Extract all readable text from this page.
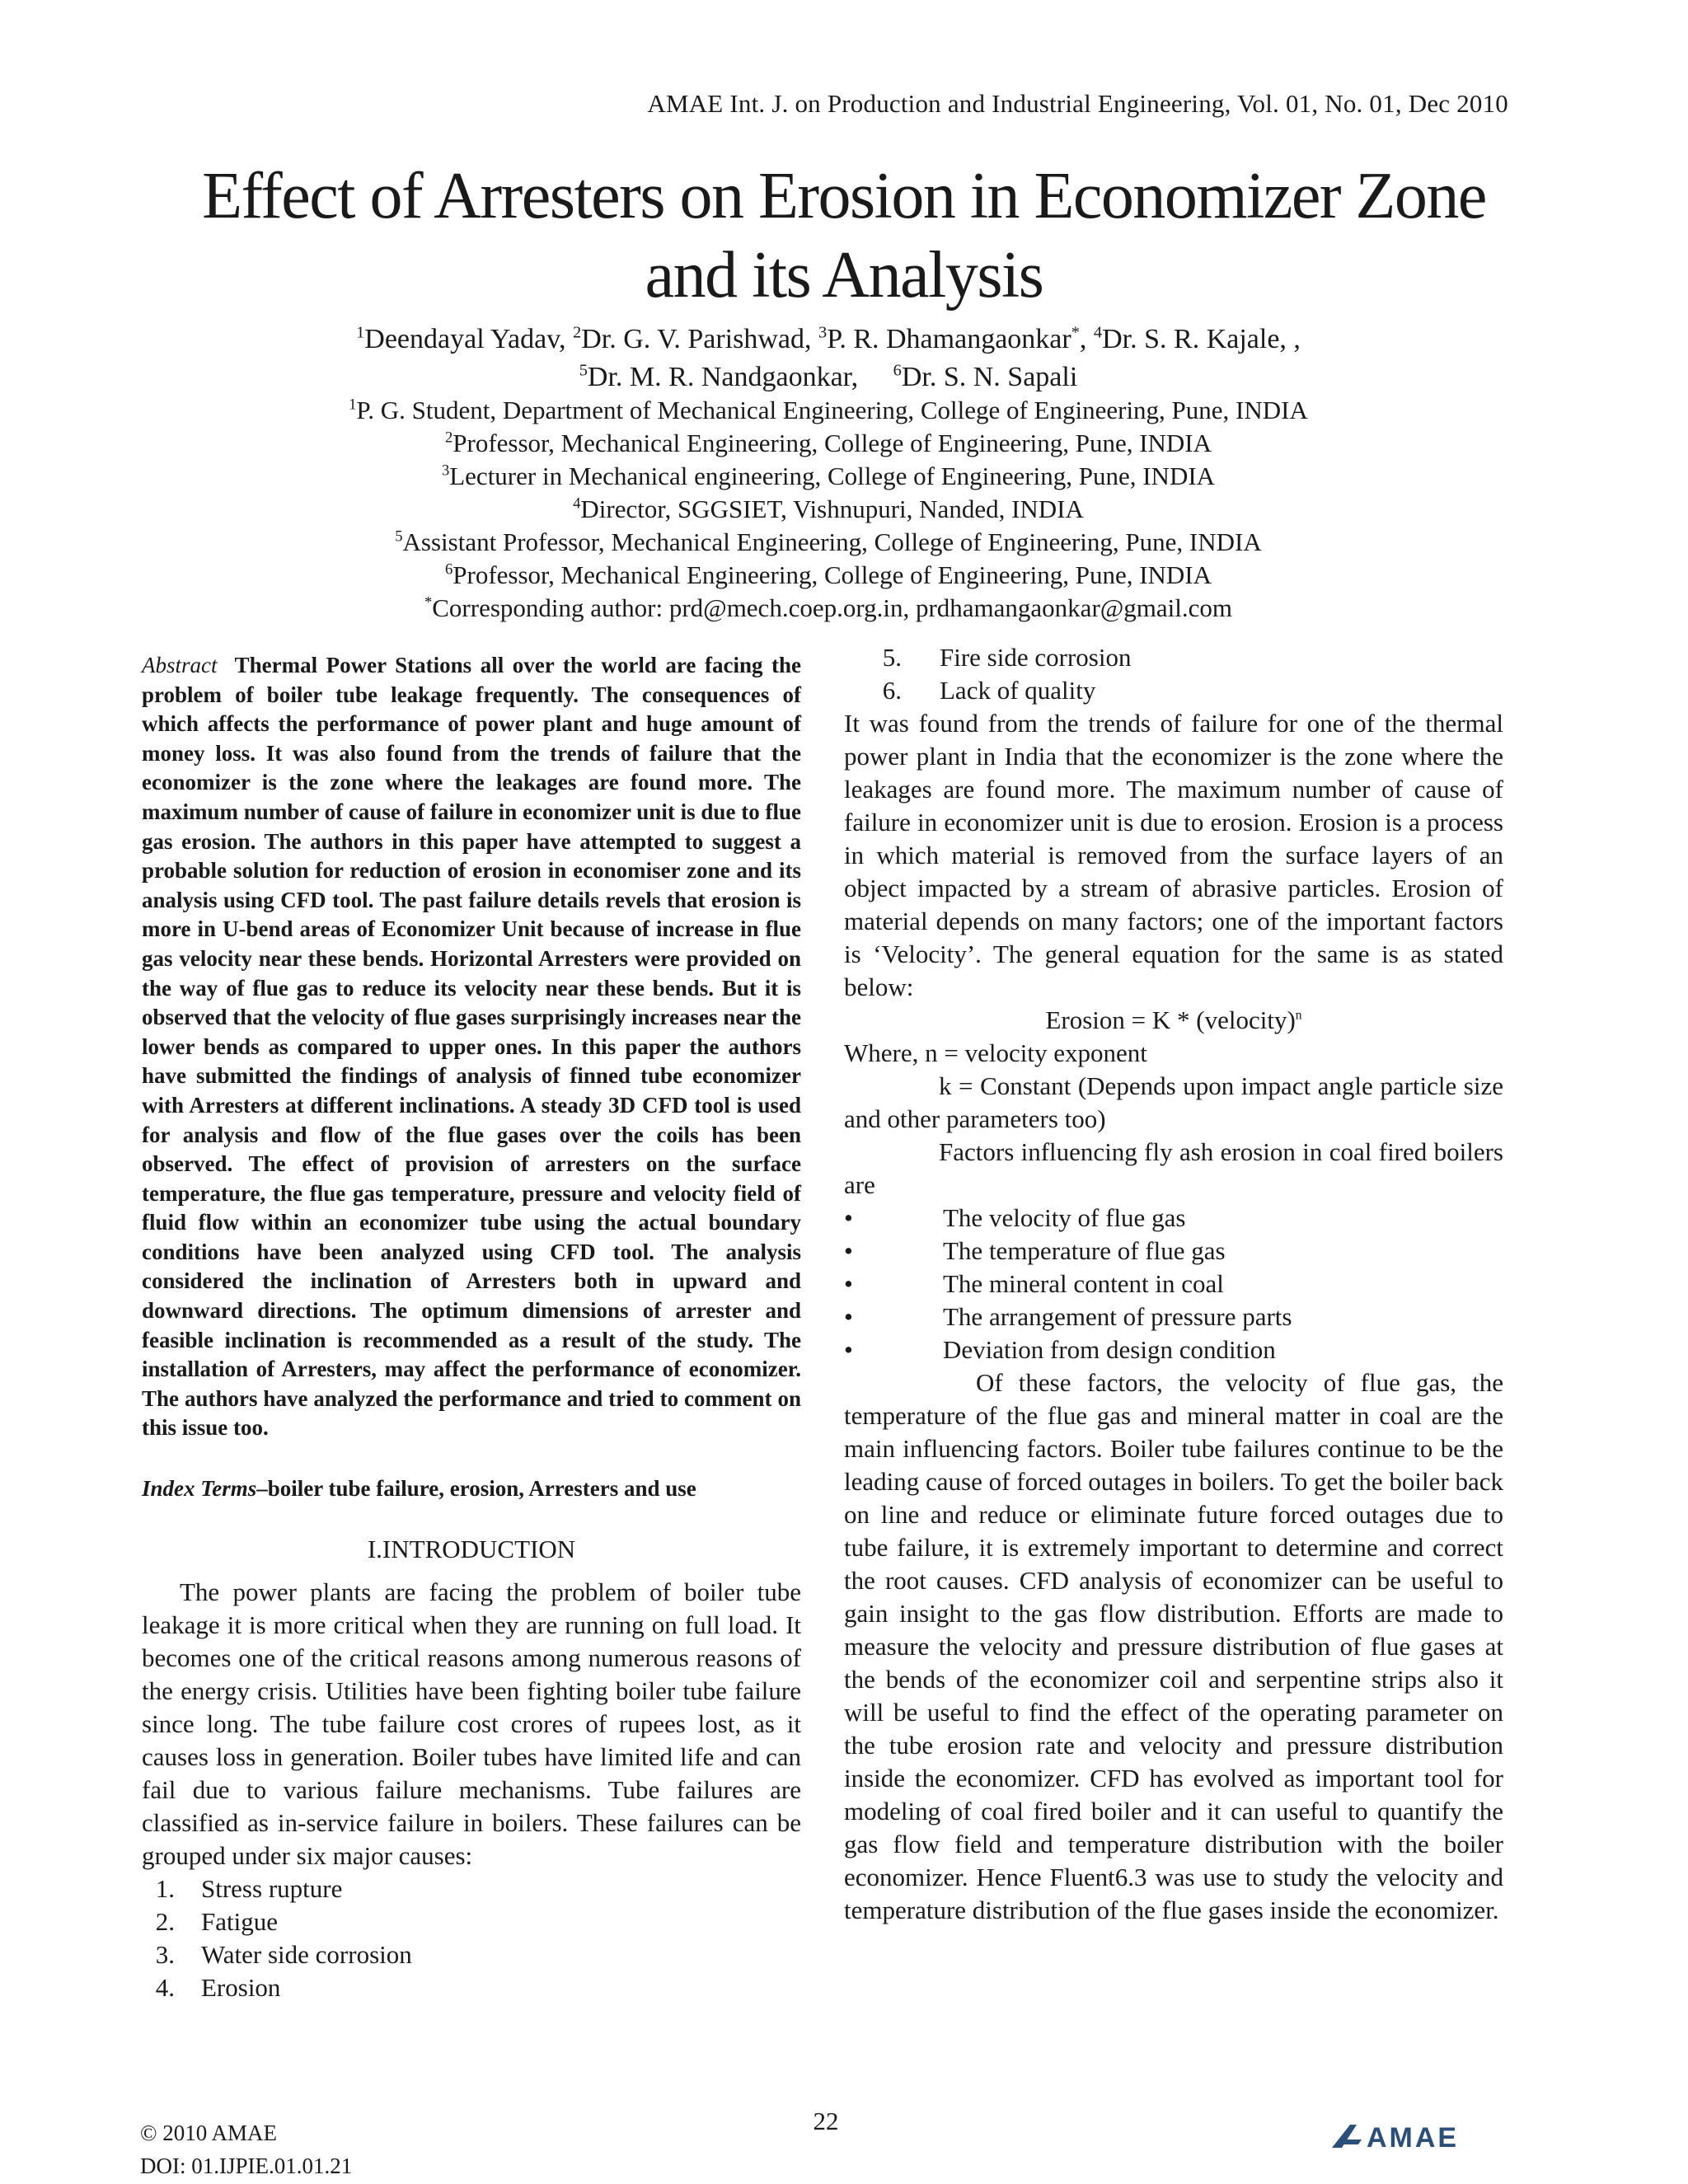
AMAE Int. J. on Production and Industrial Engineering, Vol. 01, No. 01, Dec 2010
Effect of Arresters on Erosion in Economizer Zone
and its Analysis
$^1$Deendayal Yadav, $^2$Dr. G. V. Parishwad, $^3$P. R. Dhamangaonkar*, $^4$Dr. S. R. Kajale, ,
$^5$Dr. M. R. Nandgaonkar, $^6$Dr. S. N. Sapali
$^1$P. G. Student, Department of Mechanical Engineering, College of Engineering, Pune, INDIA
$^2$Professor, Mechanical Engineering, College of Engineering, Pune, INDIA
$^3$Lecturer in Mechanical engineering, College of Engineering, Pune, INDIA
$^4$Director, SGGSIET, Vishnupuri, Nanded, INDIA
$^5$Assistant Professor, Mechanical Engineering, College of Engineering, Pune, INDIA
$^6$Professor, Mechanical Engineering, College of Engineering, Pune, INDIA
*Corresponding author: prd@mech.coep.org.in, prdhamangaonkar@gmail.com

Abstract Thermal Power Stations all over the world are facing the problem of boiler tube leakage frequently. The consequences of which affects the performance of power plant and huge amount of money loss. It was also found from the trends of failure that the economizer is the zone where the leakages are found more. The maximum number of cause of failure in economizer unit is due to flue gas erosion. The authors in this paper have attempted to suggest a probable solution for reduction of erosion in economiser zone and its analysis using CFD tool. The past failure details revels that erosion is more in U-bend areas of Economizer Unit because of increase in flue gas velocity near these bends. Horizontal Arresters were provided on the way of flue gas to reduce its velocity near these bends. But it is observed that the velocity of flue gases surprisingly increases near the lower bends as compared to upper ones. In this paper the authors have submitted the findings of analysis of finned tube economizer with Arresters at different inclinations. A steady 3D CFD tool is used for analysis and flow of the flue gases over the coils has been observed. The effect of provision of arresters on the surface temperature, the flue gas temperature, pressure and velocity field of fluid flow within an economizer tube using the actual boundary conditions have been analyzed using CFD tool. The analysis considered the inclination of Arresters both in upward and downward directions. The optimum dimensions of arrester and feasible inclination is recommended as a result of the study. The installation of Arresters, may affect the performance of economizer. The authors have analyzed the performance and tried to comment on this issue too.

Index Terms–boiler tube failure, erosion, Arresters and use
I.INTRODUCTION

The power plants are facing the problem of boiler tube leakage it is more critical when they are running on full load. It becomes one of the critical reasons among numerous reasons of the energy crisis. Utilities have been fighting boiler tube failure since long. The tube failure cost crores of rupees lost, as it causes loss in generation. Boiler tubes have limited life and can fail due to various failure mechanisms. Tube failures are classified as in-service failure in boilers. These failures can be grouped under six major causes:

1. Stress rupture
2. Fatigue
3. Water side corrosion
4. Erosion
5. Fire side corrosion
6. Lack of quality

It was found from the trends of failure for one of the thermal power plant in India that the economizer is the zone where the leakages are found more. The maximum number of cause of failure in economizer unit is due to erosion. Erosion is a process in which material is removed from the surface layers of an object impacted by a stream of abrasive particles. Erosion of material depends on many factors; one of the important factors is ‘Velocity’. The general equation for the same is as stated below:

Erosion = K * (velocity)$^n$
Where, n = velocity exponent
k = Constant (Depends upon impact angle particle size and other parameters too)
Factors influencing fly ash erosion in coal fired boilers are
•	The velocity of flue gas
•	The temperature of flue gas
•	The mineral content in coal
•	The arrangement of pressure parts
•	Deviation from design condition

Of these factors, the velocity of flue gas, the temperature of the flue gas and mineral matter in coal are the main influencing factors. Boiler tube failures continue to be the leading cause of forced outages in boilers. To get the boiler back on line and reduce or eliminate future forced outages due to tube failure, it is extremely important to determine and correct the root causes. CFD analysis of economizer can be useful to gain insight to the gas flow distribution. Efforts are made to measure the velocity and pressure distribution of flue gases at the bends of the economizer coil and serpentine strips also it will be useful to find the effect of the operating parameter on the tube erosion rate and velocity and pressure distribution inside the economizer. CFD has evolved as important tool for modeling of coal fired boiler and it can useful to quantify the gas flow field and temperature distribution with the boiler economizer. Hence Fluent6.3 was use to study the velocity and temperature distribution of the flue gases inside the economizer.

© 2010 AMAE
DOI: 01.IJPIE.01.01.21
22
AMAE
